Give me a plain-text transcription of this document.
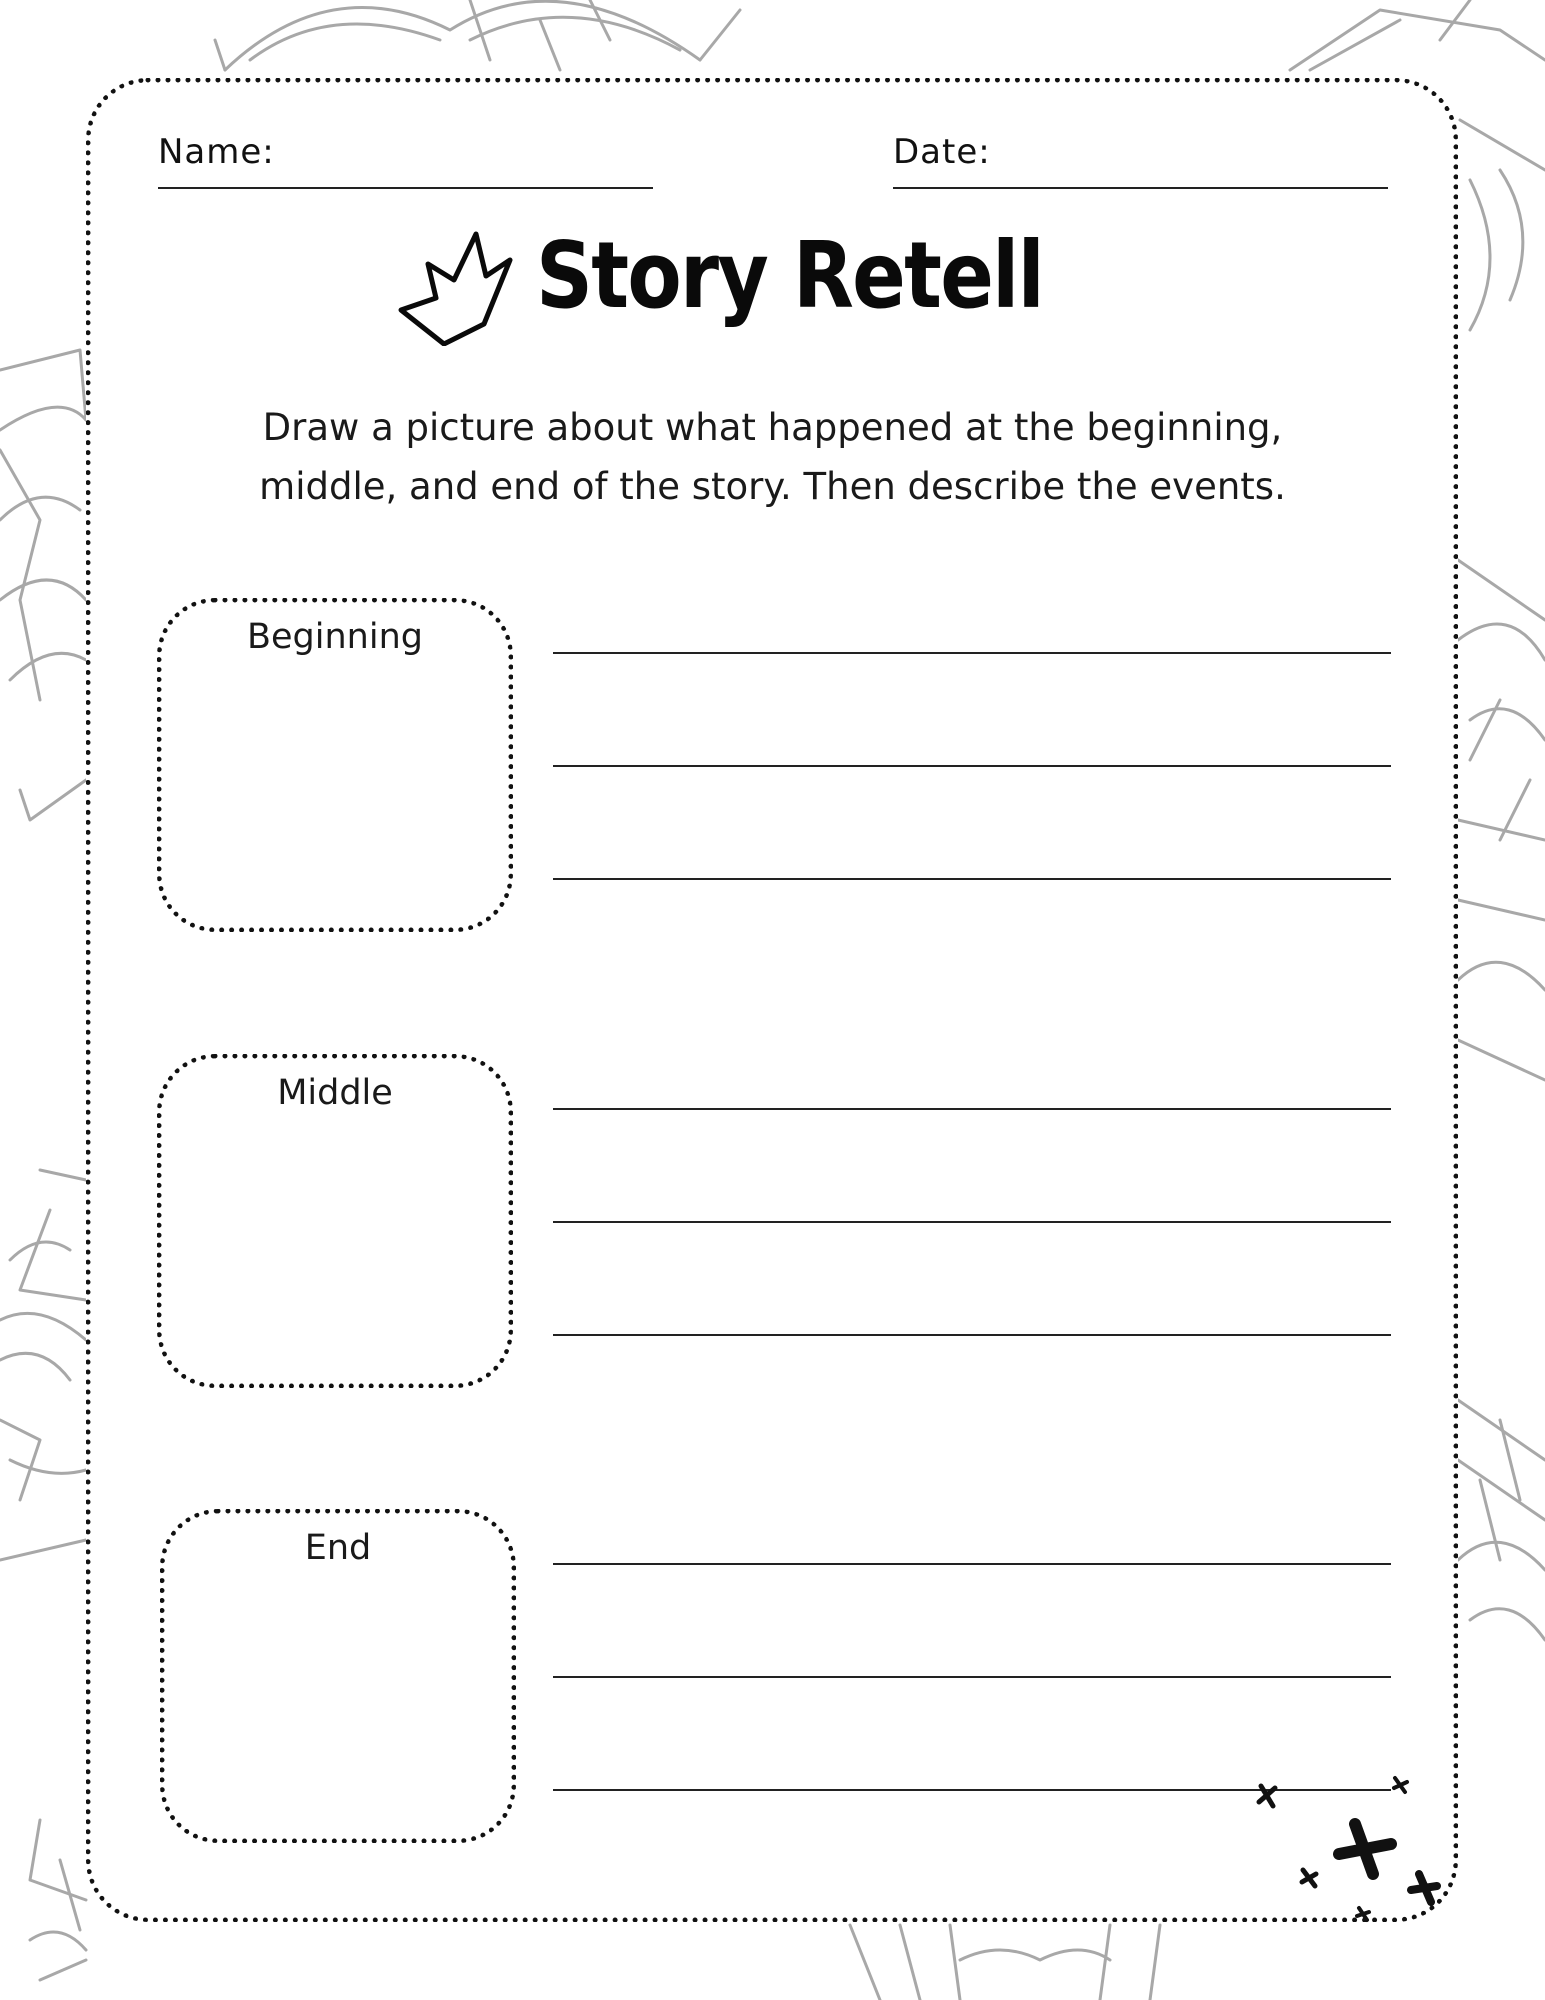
Name:	Date:
Story Retell
Draw a picture about what happened at the beginning,
middle, and end of the story. Then describe the events.
Beginning
Middle
End
